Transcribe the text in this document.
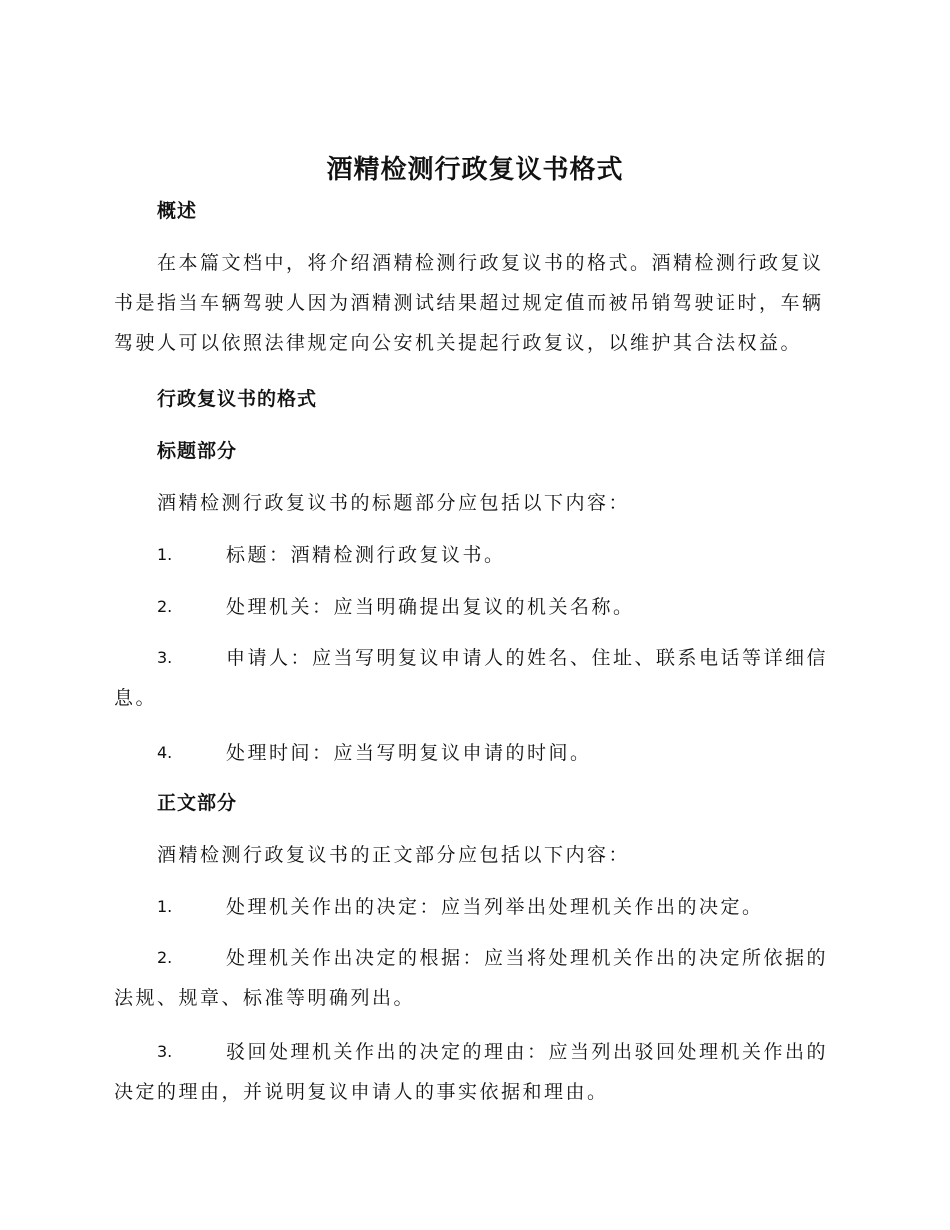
酒精检测行政复议书格式
概述
在本篇文档中，将介绍酒精检测行政复议书的格式。酒精检测行政复议书是指当车辆驾驶人因为酒精测试结果超过规定值而被吊销驾驶证时，车辆驾驶人可以依照法律规定向公安机关提起行政复议，以维护其合法权益。
行政复议书的格式
标题部分
酒精检测行政复议书的标题部分应包括以下内容：
1.	标题：酒精检测行政复议书。
2.	处理机关：应当明确提出复议的机关名称。
3.	申请人：应当写明复议申请人的姓名、住址、联系电话等详细信息。
4.	处理时间：应当写明复议申请的时间。
正文部分
酒精检测行政复议书的正文部分应包括以下内容：
1.	处理机关作出的决定：应当列举出处理机关作出的决定。
2.	处理机关作出决定的根据：应当将处理机关作出的决定所依据的法规、规章、标准等明确列出。
3.	驳回处理机关作出的决定的理由：应当列出驳回处理机关作出的决定的理由，并说明复议申请人的事实依据和理由。
